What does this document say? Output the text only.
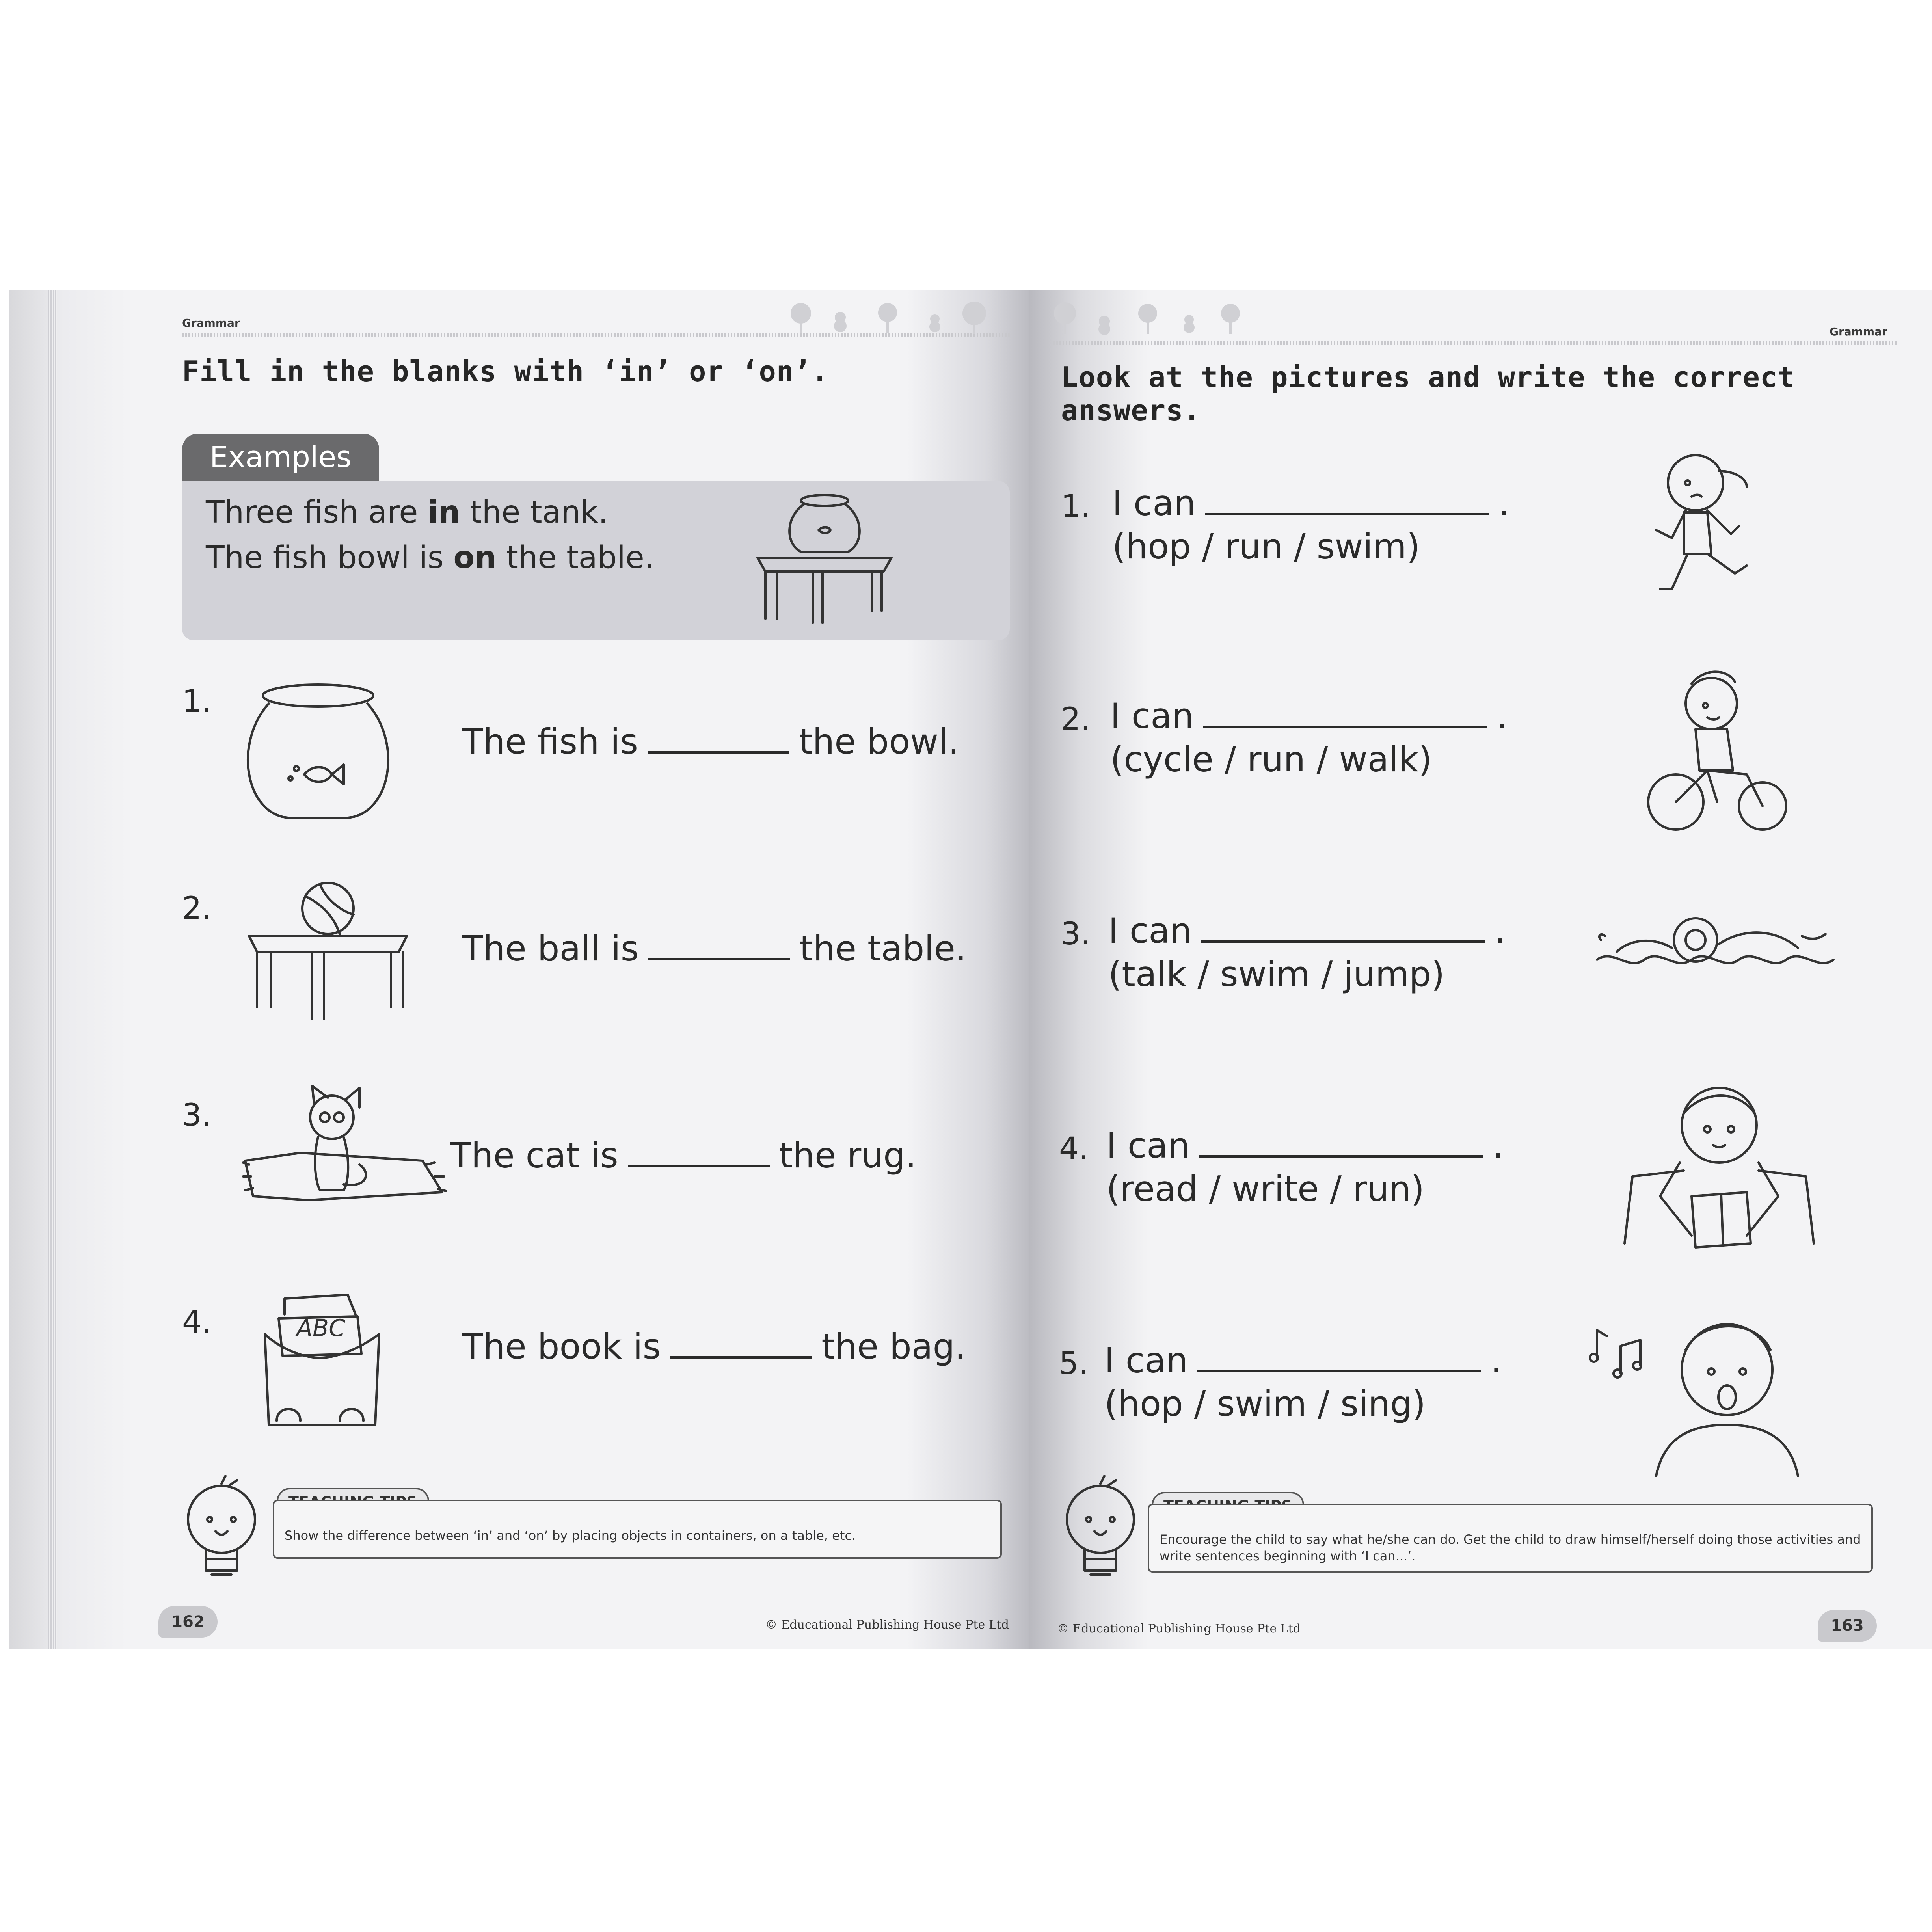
Grammar
Fill in the blanks with ‘in’ or ‘on’.
Examples
Three fish are in the tank.
The fish bowl is on the table.
1.
The fish is	the bowl.
2.
The ball is	the table.
3.
The cat is	the rug.
4.	ABC	The book is	the bag.
Show the difference between ‘in’ and ‘on’ by placing objects in containers, on a table, etc.
162	© Educational Publishing House Pte Ltd
Grammar
Look at the pictures and write the correct answers.
1. I can	.
(hop / run / swim)
2. I can	.
(cycle / run / walk)
3. I can	.
(talk / swim / jump)
4. I can	.
(read / write / run)
5. I can	.
(hop / swim / sing)
Encourage the child to say what he/she can do. Get the child to draw himself/herself doing those activities and write sentences beginning with ‘I can...’.
© Educational Publishing House Pte Ltd	163
